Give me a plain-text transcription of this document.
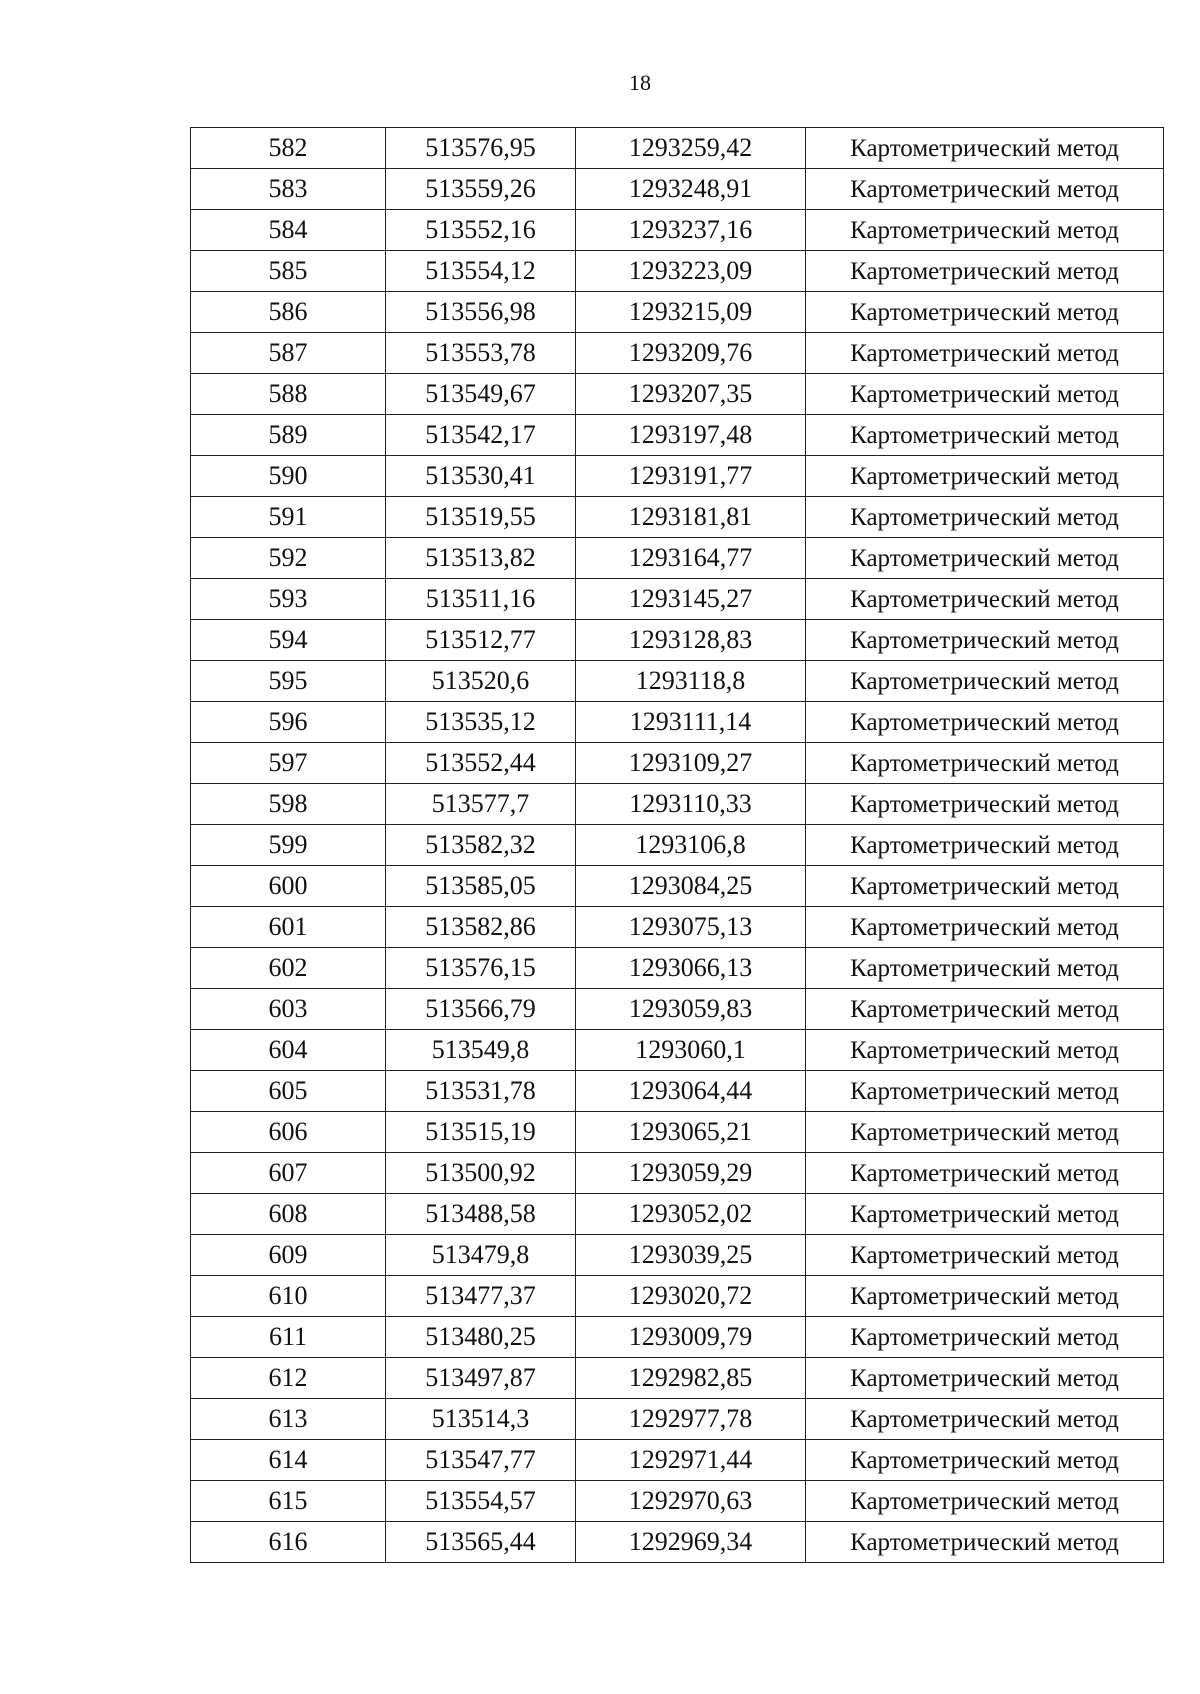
18
582	513576,95	1293259,42	Картометрический метод
583	513559,26	1293248,91	Картометрический метод
584	513552,16	1293237,16	Картометрический метод
585	513554,12	1293223,09	Картометрический метод
586	513556,98	1293215,09	Картометрический метод
587	513553,78	1293209,76	Картометрический метод
588	513549,67	1293207,35	Картометрический метод
589	513542,17	1293197,48	Картометрический метод
590	513530,41	1293191,77	Картометрический метод
591	513519,55	1293181,81	Картометрический метод
592	513513,82	1293164,77	Картометрический метод
593	513511,16	1293145,27	Картометрический метод
594	513512,77	1293128,83	Картометрический метод
595	513520,6	1293118,8	Картометрический метод
596	513535,12	1293111,14	Картометрический метод
597	513552,44	1293109,27	Картометрический метод
598	513577,7	1293110,33	Картометрический метод
599	513582,32	1293106,8	Картометрический метод
600	513585,05	1293084,25	Картометрический метод
601	513582,86	1293075,13	Картометрический метод
602	513576,15	1293066,13	Картометрический метод
603	513566,79	1293059,83	Картометрический метод
604	513549,8	1293060,1	Картометрический метод
605	513531,78	1293064,44	Картометрический метод
606	513515,19	1293065,21	Картометрический метод
607	513500,92	1293059,29	Картометрический метод
608	513488,58	1293052,02	Картометрический метод
609	513479,8	1293039,25	Картометрический метод
610	513477,37	1293020,72	Картометрический метод
611	513480,25	1293009,79	Картометрический метод
612	513497,87	1292982,85	Картометрический метод
613	513514,3	1292977,78	Картометрический метод
614	513547,77	1292971,44	Картометрический метод
615	513554,57	1292970,63	Картометрический метод
616	513565,44	1292969,34	Картометрический метод
